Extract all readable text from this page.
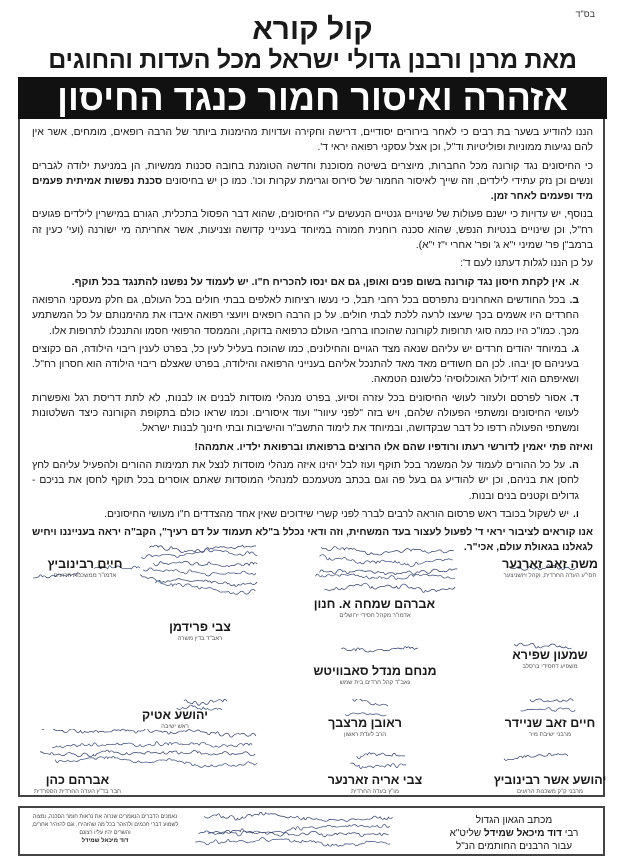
בס"ד
קול קורא
מאת מרנן ורבנן גדולי ישראל מכל העדות והחוגים
אזהרה ואיסור חמור כנגד החיסון

הננו להודיע בשער בת רבים כי לאחר בירורים יסודיים, דרישה וחקירה ועדויות מהימנות ביותר של הרבה רופאים, מומחים, אשר אין להם נגיעות ממוניות ופוליטיות וד"ל, וכן אצל עסקני רפואה יראי ד'.

כי החיסונים נגד קורונה מכל החברות, מיוצרים בשיטה מסוכנת וחדשה הטומנת בחובה סכנות ממשיות, הן במניעת ילודה לגברים ונשים וכן נזק עתידי לילדים, וזה שייך לאיסור החמור של סירוס וגרימת עקרות וכו'. כמו כן יש בחיסונים סכנת נפשות אמיתית פעמים מיד ופעמים לאחר זמן.

בנוסף, יש עדויות כי ישנם פעולות של שינויים גנטיים הנעשים ע"י החיסונים, שהוא דבר הפסול בתכלית, הגורם במישרין לילדים פגועים רח"ל, וכן שינויים בנטיות הנפש, שהוא סכנה רוחנית חמורה במיוחד בענייני קדושה וצניעות, אשר אחריתה מי ישורנה (ועי' כעין זה ברמב"ן פר' שמיני י"א ג' ופר' אחרי י"ז י"א).

על כן הננו לגלות דעתנו לעם ד':

א.אין לקחת חיסון נגד קורונה בשום פנים ואופן, גם אם ינסו להכריח ח"ו. יש לעמוד על נפשנו להתנגד בכל תוקף.

ב.בכל החודשים האחרונים נתפרסם בכל רחבי תבל, כי נעשו רציחות לאלפים בבתי חולים בכל העולם, גם חלק מעסקני הרפואה החרדים היו אשמים בכך שיעצו לרעה ללכת לבתי חולים. על כן הרבה רופאים ויועצי רפואה איבדו את מהימנותם על כל המשתמע מכך. כמו"כ היו כמה סוגי תרופות לקורונה שהוכחו ברחבי העולם כרפואה בדוקה, והממסד הרפואי חסמו והתנכלו לתרופות אלו.

ג.במיוחד יהודים חרדים יש עליהם שנאה מצד הגויים והחילונים, כמו שהוכח בעליל לעין כל, בפרט לענין ריבוי הילודה, הם כקוצים בעיניהם סן יבהו. לכן הם חשודים מאד מאד להתנכל אליהם בענייני הרפואה והילודה, בפרט שאצלם ריבוי הילודה הוא חסרון רח"ל. ושאיפתם הוא 'דילול האוכלוסיה' כלשונם הטמאה.

ד.אסור לפרסם ולעזור לעושי החיסונים בכל עזרה וסיוע, בפרט מנהלי מוסדות לבנים או לבנות, לא לתת דריסת רגל ואפשרות לעושי החיסונים ומשתפי הפעולה שלהם, ויש בזה "לפני עיוור" ועוד איסורים. וכמו שראו כולם בתקופת הקורונה כיצד השלטונות ומשתפי הפעולה רדפו כל דבר שבקדושה, ובמיוחד את לימוד התשב"ר והישיבות ובתי חינוך לבנות ישראל.

ואיזה פתי יאמין לדורשי רעתו ורודפיו שהם אלו הרוצים ברפואתו וברפואת ילדיו. אתמהה!

ה.על כל ההורים לעמוד על המשמר בכל תוקף ועוז לבל יהינו איזה מנהלי מוסדות לנצל את תמימות ההורים ולהפעיל עליהם לחץ לחסן את בניהם, וכן יש להודיע גם בעל פה וגם בכתב מטעמכם למנהלי המוסדות שאתם אוסרים בכל תוקף לחסן את בניכם - גדולים וקטנים בנים ובנות.

ו.יש לשקול בכובד ראש פרסום הוראה לרבים לברר לפני קשרי שידוכים שאין אחד מהצדדים ח"ו מעושי החיסונים.

אנו קוראים לציבור יראי ד' לפעול לעצור בעד המשחית, וזה ודאי נכלל ב"לא תעמוד על דם רעיך", הקב"ה יראה בענייננו ויחיש לגאלנו בגאולת עולם, אכי"ר.

משה זאב זארנער
חסי"ע העדה החרדית, וקהל ויזשניצער
אברהם שמחה א. חנון
אדמו"ר מקהל חסידי ירושלים
צבי פרידמן
ראב"ד בדין משרה
חיים רבינוביץ
אדמו"ר ממשכנות הרועים
שמעון שפירא
משפיע דחסידי ברסלב
מנחם מנדל סאבוויטש
גאב"ד קהל חרדים בית שמש
יהושע אטיק
ראש ישיבה	חיים זאב שניידר
מרבני ישיבת מיר
ראובן מרצבך
הרב לעדת ראשון
יהושע אשר רבינוביץ
מרבני ק"ק משכנות הרועים
צבי אריה זארנער
מו"ץ בעדה החרדית
אברהם כהן
חבר בד"ץ העדה החרדית הספרדית
מכתב הגאון הגדול
רבי דוד מיכאל שמידל שליט"א
עבור הרבנים החותמים הנ"ל
נאמנים הדברים הנאמרים שנרוה את נראות חומר הסכנה, ומצוה לשמוע דברי חכמים ולהזהר בכל מה שהזהירו, וגם להזהיר אחרים, והשרים יהיו עליו רצונם
דוד מיכאל שמידל
